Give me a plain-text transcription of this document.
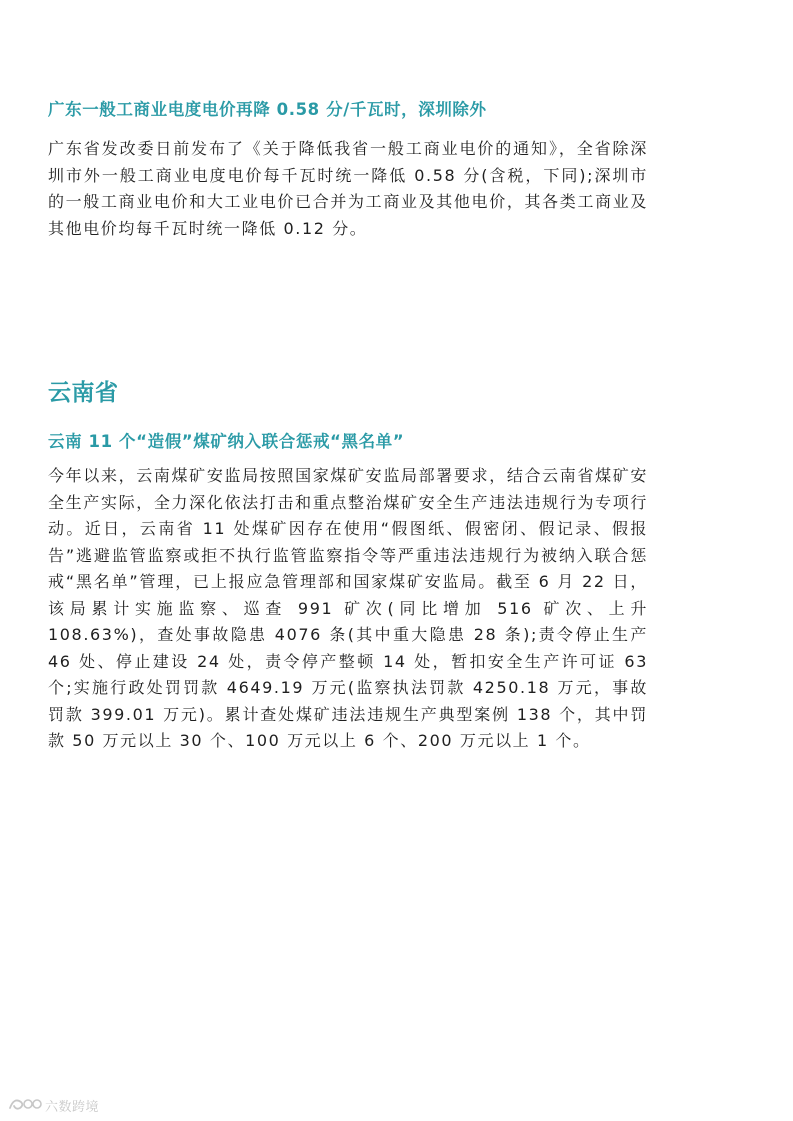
广东一般工商业电度电价再降 0.58 分/千瓦时，深圳除外
广东省发改委日前发布了《关于降低我省一般工商业电价的通知》，全省除深圳市外一般工商业电度电价每千瓦时统一降低 0.58 分(含税，下同);深圳市的一般工商业电价和大工业电价已合并为工商业及其他电价，其各类工商业及其他电价均每千瓦时统一降低 0.12 分。
云南省
云南 11 个“造假”煤矿纳入联合惩戒“黑名单”
今年以来，云南煤矿安监局按照国家煤矿安监局部署要求，结合云南省煤矿安全生产实际，全力深化依法打击和重点整治煤矿安全生产违法违规行为专项行动。近日，云南省 11 处煤矿因存在使用“假图纸、假密闭、假记录、假报告”逃避监管监察或拒不执行监管监察指令等严重违法违规行为被纳入联合惩戒“黑名单”管理，已上报应急管理部和国家煤矿安监局。截至 6 月 22 日，该局累计实施监察、巡查 991 矿次(同比增加 516 矿次、上升 108.63%)，查处事故隐患 4076 条(其中重大隐患 28 条);责令停止生产 46 处、停止建设 24 处，责令停产整顿 14 处，暂扣安全生产许可证 63 个;实施行政处罚罚款 4649.19 万元(监察执法罚款 4250.18 万元，事故罚款 399.01 万元)。累计查处煤矿违法违规生产典型案例 138 个，其中罚款 50 万元以上 30 个、100 万元以上 6 个、200 万元以上 1 个。
六数跨境
